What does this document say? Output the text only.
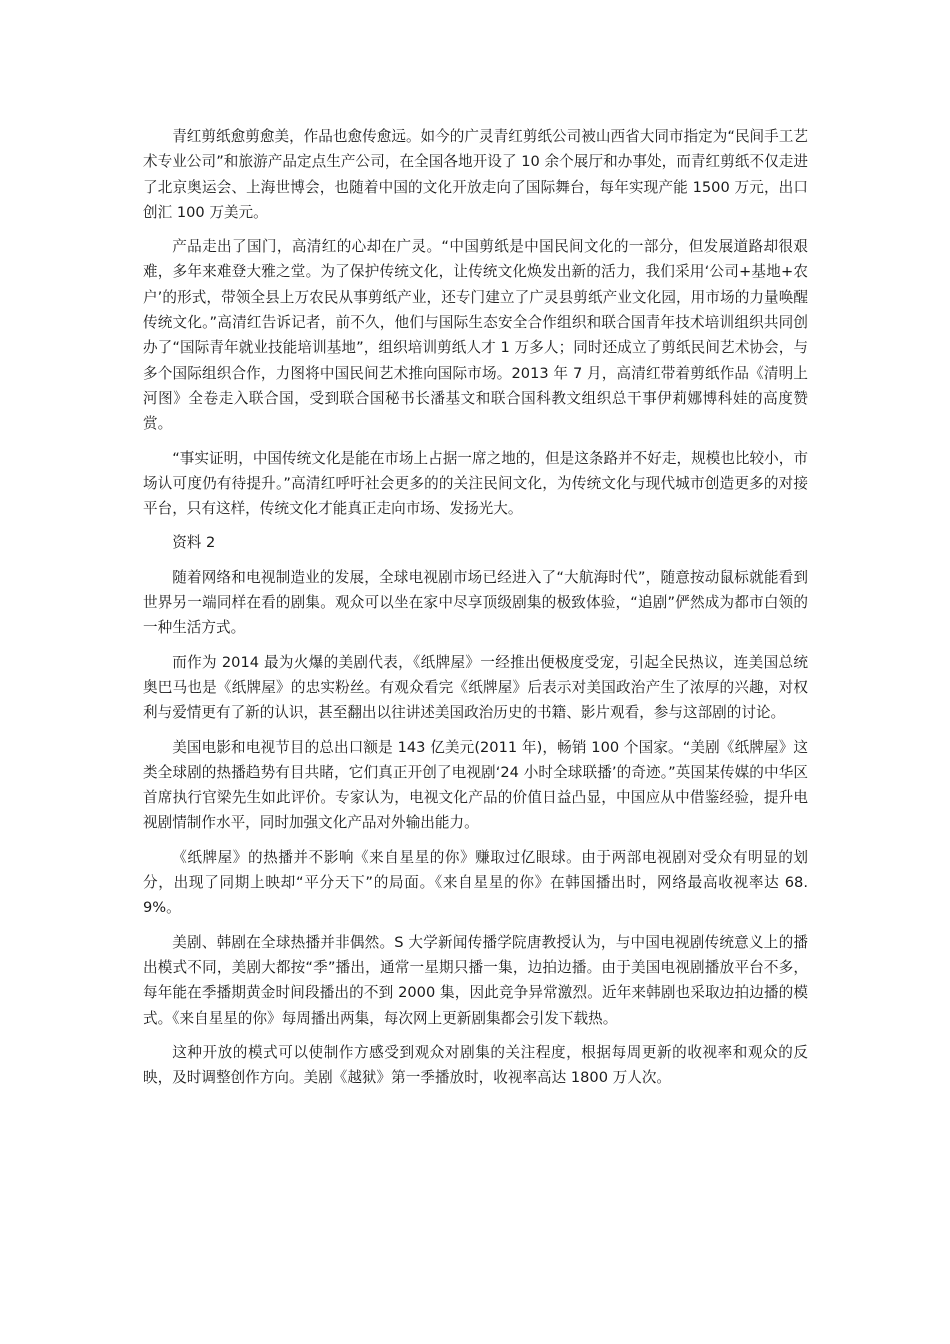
青红剪纸愈剪愈美，作品也愈传愈远。如今的广灵青红剪纸公司被山西省大同市指定为“民间手工艺术专业公司”和旅游产品定点生产公司，在全国各地开设了 10 余个展厅和办事处，而青红剪纸不仅走进了北京奥运会、上海世博会，也随着中国的文化开放走向了国际舞台，每年实现产能 1500 万元，出口创汇 100 万美元。

产品走出了国门，高清红的心却在广灵。“中国剪纸是中国民间文化的一部分，但发展道路却很艰难，多年来难登大雅之堂。为了保护传统文化，让传统文化焕发出新的活力，我们采用‘公司+基地+农户’的形式，带领全县上万农民从事剪纸产业，还专门建立了广灵县剪纸产业文化园，用市场的力量唤醒传统文化。”高清红告诉记者，前不久，他们与国际生态安全合作组织和联合国青年技术培训组织共同创办了“国际青年就业技能培训基地”，组织培训剪纸人才 1 万多人；同时还成立了剪纸民间艺术协会，与多个国际组织合作，力图将中国民间艺术推向国际市场。2013 年 7 月，高清红带着剪纸作品《清明上河图》全卷走入联合国，受到联合国秘书长潘基文和联合国科教文组织总干事伊莉娜博科娃的高度赞赏。

“事实证明，中国传统文化是能在市场上占据一席之地的，但是这条路并不好走，规模也比较小，市场认可度仍有待提升。”高清红呼吁社会更多的的关注民间文化，为传统文化与现代城市创造更多的对接平台，只有这样，传统文化才能真正走向市场、发扬光大。

资料 2

随着网络和电视制造业的发展，全球电视剧市场已经进入了“大航海时代”，随意按动鼠标就能看到世界另一端同样在看的剧集。观众可以坐在家中尽享顶级剧集的极致体验，“追剧”俨然成为都市白领的一种生活方式。

而作为 2014 最为火爆的美剧代表，《纸牌屋》一经推出便极度受宠，引起全民热议，连美国总统奥巴马也是《纸牌屋》的忠实粉丝。有观众看完《纸牌屋》后表示对美国政治产生了浓厚的兴趣，对权利与爱情更有了新的认识，甚至翻出以往讲述美国政治历史的书籍、影片观看，参与这部剧的讨论。

美国电影和电视节目的总出口额是 143 亿美元(2011 年)，畅销 100 个国家。“美剧《纸牌屋》这类全球剧的热播趋势有目共睹，它们真正开创了电视剧‘24 小时全球联播’的奇迹。”英国某传媒的中华区首席执行官梁先生如此评价。专家认为，电视文化产品的价值日益凸显，中国应从中借鉴经验，提升电视剧情制作水平，同时加强文化产品对外输出能力。

《纸牌屋》的热播并不影响《来自星星的你》赚取过亿眼球。由于两部电视剧对受众有明显的划分，出现了同期上映却“平分天下”的局面。《来自星星的你》在韩国播出时，网络最高收视率达 68.9%。

美剧、韩剧在全球热播并非偶然。S 大学新闻传播学院唐教授认为，与中国电视剧传统意义上的播出模式不同，美剧大都按“季”播出，通常一星期只播一集，边拍边播。由于美国电视剧播放平台不多，每年能在季播期黄金时间段播出的不到 2000 集，因此竞争异常激烈。近年来韩剧也采取边拍边播的模式。《来自星星的你》每周播出两集，每次网上更新剧集都会引发下载热。

这种开放的模式可以使制作方感受到观众对剧集的关注程度，根据每周更新的收视率和观众的反映，及时调整创作方向。美剧《越狱》第一季播放时，收视率高达 1800 万人次。
